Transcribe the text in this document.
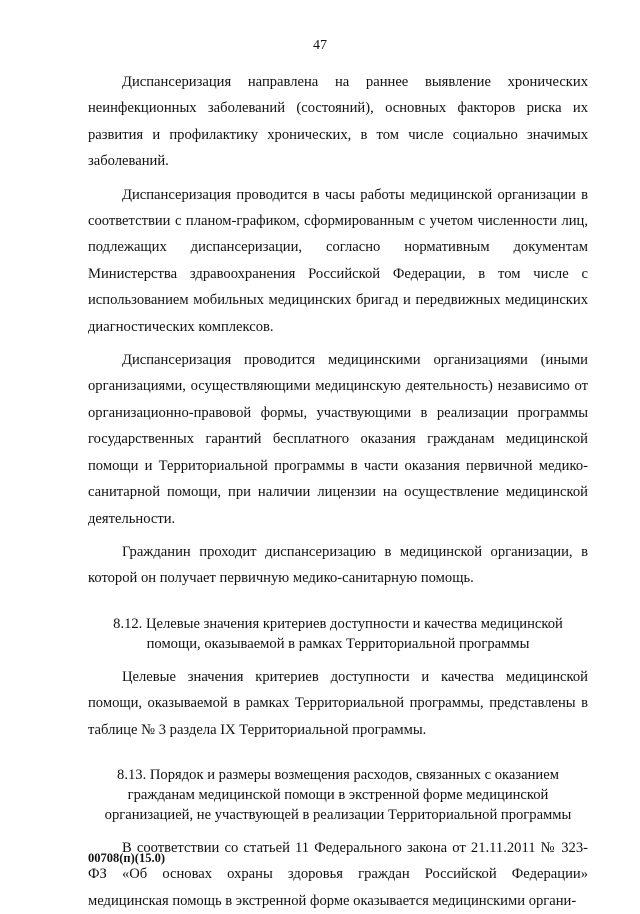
47

Диспансеризация направлена на раннее выявление хронических неинфекционных заболеваний (состояний), основных факторов риска их развития и профилактику хронических, в том числе социально значимых заболеваний.

Диспансеризация проводится в часы работы медицинской организации в соответствии с планом-графиком, сформированным с учетом численности лиц, подлежащих диспансеризации, согласно нормативным документам Министерства здравоохранения Российской Федерации, в том числе с использованием мобильных медицинских бригад и передвижных медицинских диагностических комплексов.

Диспансеризация проводится медицинскими организациями (иными организациями, осуществляющими медицинскую деятельность) независимо от организационно-правовой формы, участвующими в реализации программы государственных гарантий бесплатного оказания гражданам медицинской помощи и Территориальной программы в части оказания первичной медико-санитарной помощи, при наличии лицензии на осуществление медицинской деятельности.

Гражданин проходит диспансеризацию в медицинской организации, в которой он получает первичную медико-санитарную помощь.

8.12. Целевые значения критериев доступности и качества медицинской помощи, оказываемой в рамках Территориальной программы

Целевые значения критериев доступности и качества медицинской помощи, оказываемой в рамках Территориальной программы, представлены в таблице № 3 раздела IX Территориальной программы.

8.13. Порядок и размеры возмещения расходов, связанных с оказанием гражданам медицинской помощи в экстренной форме медицинской организацией, не участвующей в реализации Территориальной программы

В соответствии со статьей 11 Федерального закона от 21.11.2011 № 323-ФЗ «Об основах охраны здоровья граждан Российской Федерации» медицинская помощь в экстренной форме оказывается медицинскими органи-

00708(п)(15.0)
